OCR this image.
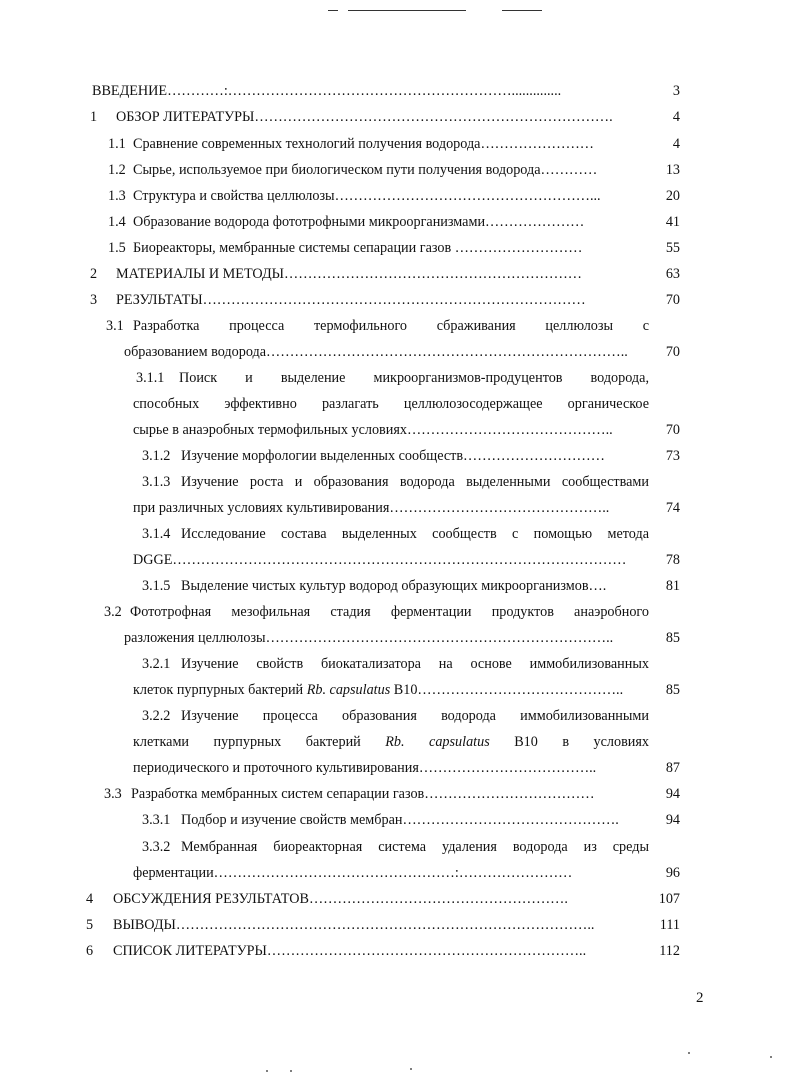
ВВЕДЕНИЕ…………:……………………………………………………..............	3
1 ОБЗОР ЛИТЕРАТУРЫ………………………………………………………………….	4
1.1 Сравнение современных технологий получения водорода……………………	4
1.2 Сырье, используемое при биологическом пути получения водорода…………	13
1.3 Структура и свойства целлюлозы………………………………………………...	20
1.4 Образование водорода фототрофными микроорганизмами…………………	41
1.5 Биореакторы, мембранные системы сепарации газов ………………………	55
2 МАТЕРИАЛЫ И МЕТОДЫ………………………………………………………	63
3 РЕЗУЛЬТАТЫ………………………………………………………………………	70
3.1 Разработка процесса термофильного сбраживания целлюлозы с
образованием водорода…………………………………………………………………..	70
3.1.1 Поиск и выделение микроорганизмов-продуцентов водорода,
способных эффективно разлагать целлюлозосодержащее органическое
сырье в анаэробных термофильных условиях……………………………………..	70
3.1.2 Изучение морфологии выделенных сообществ…………………………	73
3.1.3 Изучение роста и образования водорода выделенными сообществами
при различных условиях культивирования………………………………………..	74
3.1.4 Исследование состава выделенных сообществ с помощью метода
DGGE……………………………………………………………………………………	78
3.1.5 Выделение чистых культур водород образующих микроорганизмов….	81
3.2 Фототрофная мезофильная стадия ферментации продуктов анаэробного
разложения целлюлозы………………………………………………………………..	85
3.2.1 Изучение свойств биокатализатора на основе иммобилизованных
клеток пурпурных бактерий Rb. capsulatus B10……………………………………..	85
3.2.2 Изучение процесса образования водорода иммобилизованными
клетками пурпурных бактерий Rb. capsulatus B10 в условиях
периодического и проточного культивирования………………………………..	87
3.3 Разработка мембранных систем сепарации газов………………………………	94
3.3.1 Подбор и изучение свойств мембран……………………………………….	94
3.3.2 Мембранная биореакторная система удаления водорода из среды
ферментации……………………………………………:……………………	96
4 ОБСУЖДЕНИЯ РЕЗУЛЬТАТОВ……………………………………………….	107
5 ВЫВОДЫ……………………………………………………………………………..	111
6 СПИСОК ЛИТЕРАТУРЫ…………………………………………………………..	112
2
